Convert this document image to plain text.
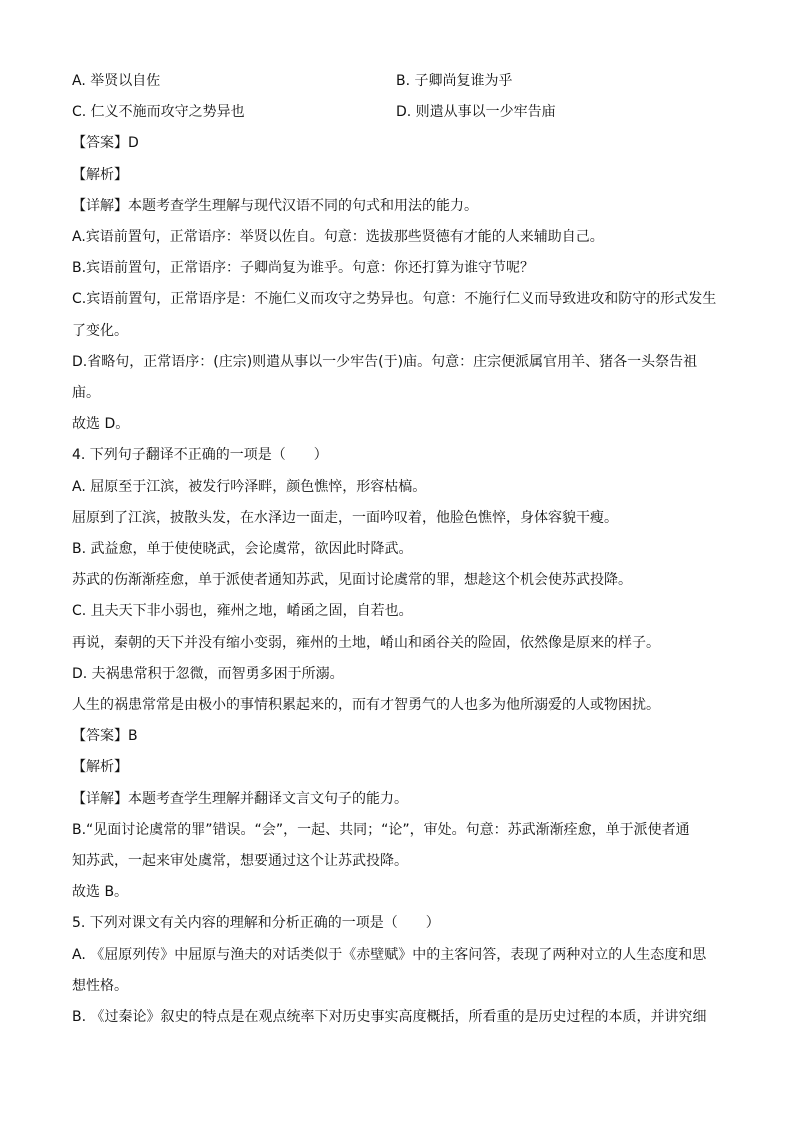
A. 举贤以自佐	B. 子卿尚复谁为乎
C. 仁义不施而攻守之势异也	D. 则遣从事以一少牢告庙
【答案】D
【解析】
【详解】本题考查学生理解与现代汉语不同的句式和用法的能力。
A.宾语前置句，正常语序：举贤以佐自。句意：选拔那些贤德有才能的人来辅助自己。
B.宾语前置句，正常语序：子卿尚复为谁乎。句意：你还打算为谁守节呢？
C.宾语前置句，正常语序是：不施仁义而攻守之势异也。句意：不施行仁义而导致进攻和防守的形式发生
了变化。
D.省略句，正常语序：(庄宗)则遣从事以一少牢告(于)庙。句意：庄宗便派属官用羊、猪各一头祭告祖
庙。
故选 D。
4. 下列句子翻译不正确的一项是（　　）
A. 屈原至于江滨，被发行吟泽畔，颜色憔悴，形容枯槁。
屈原到了江滨，披散头发，在水泽边一面走，一面吟叹着，他脸色憔悴，身体容貌干瘦。
B. 武益愈，单于使使晓武，会论虞常，欲因此时降武。
苏武的伤渐渐痊愈，单于派使者通知苏武，见面讨论虞常的罪，想趁这个机会使苏武投降。
C. 且夫天下非小弱也，雍州之地，崤函之固，自若也。
再说，秦朝的天下并没有缩小变弱，雍州的土地，崤山和函谷关的险固，依然像是原来的样子。
D. 夫祸患常积于忽微，而智勇多困于所溺。
人生的祸患常常是由极小的事情积累起来的，而有才智勇气的人也多为他所溺爱的人或物困扰。
【答案】B
【解析】
【详解】本题考查学生理解并翻译文言文句子的能力。
B.“见面讨论虞常的罪”错误。“会”，一起、共同；“论”，审处。句意：苏武渐渐痊愈，单于派使者通
知苏武，一起来审处虞常，想要通过这个让苏武投降。
故选 B。
5. 下列对课文有关内容的理解和分析正确的一项是（　　）
A. 《屈原列传》中屈原与渔夫的对话类似于《赤壁赋》中的主客问答，表现了两种对立的人生态度和思
想性格。
B. 《过秦论》叙史的特点是在观点统率下对历史事实高度概括，所看重的是历史过程的本质，并讲究细
